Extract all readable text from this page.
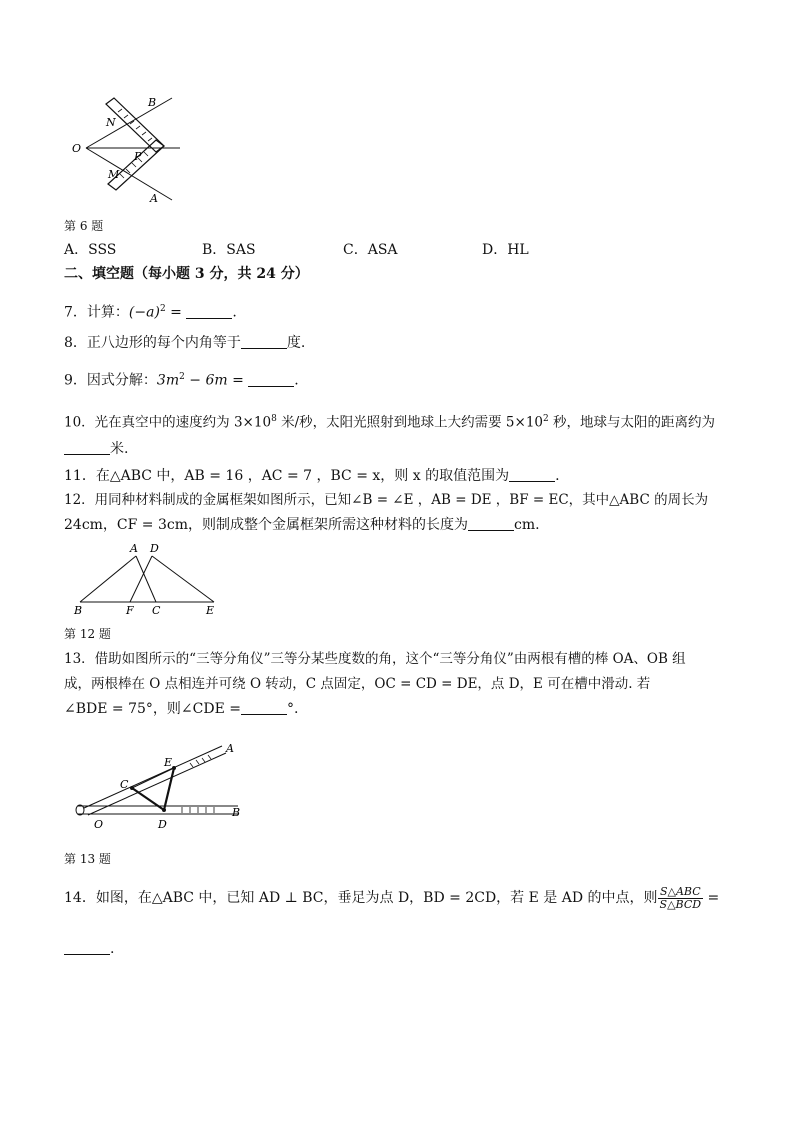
B
N
O
P
M
A
第 6 题
A．SSS	B．SAS	C．ASA	D．HL
二、填空题（每小题 3 分，共 24 分）
7．计算：$(-a)^2$ =	.
8．正八边形的每个内角等于	度.
9．因式分解：$3m^2 - 6m$ =	.
10．光在真空中的速度约为 $3\times 10^8$ 米/秒，太阳光照射到地球上大约需要 $5\times 10^2$ 秒，地球与太阳的距离约为
米.
11．在△ABC 中，AB = 16 ，AC = 7 ，BC = x，则 x 的取值范围为	.
12．用同种材料制成的金属框架如图所示，已知∠B = ∠E ，AB = DE ，BF = EC，其中△ABC 的周长为
24cm，CF = 3cm，则制成整个金属框架所需这种材料的长度为	cm.
A D
B	F C	E
第 12 题
13．借助如图所示的“三等分角仪”三等分某些度数的角，这个“三等分角仪”由两根有槽的棒 OA、OB 组
成，两根棒在 O 点相连并可绕 O 转动，C 点固定，OC = CD = DE，点 D，E 可在槽中滑动. 若
∠BDE = 75°，则∠CDE =	°.
A
E
C
O	D
B
第 13 题
14．如图，在△ABC 中，已知 AD ⊥ BC，垂足为点 D，BD = 2CD，若 E 是 AD 的中点，则 $\frac{\text{S△ABC}}{\text{S△BCD}}$ =
.
